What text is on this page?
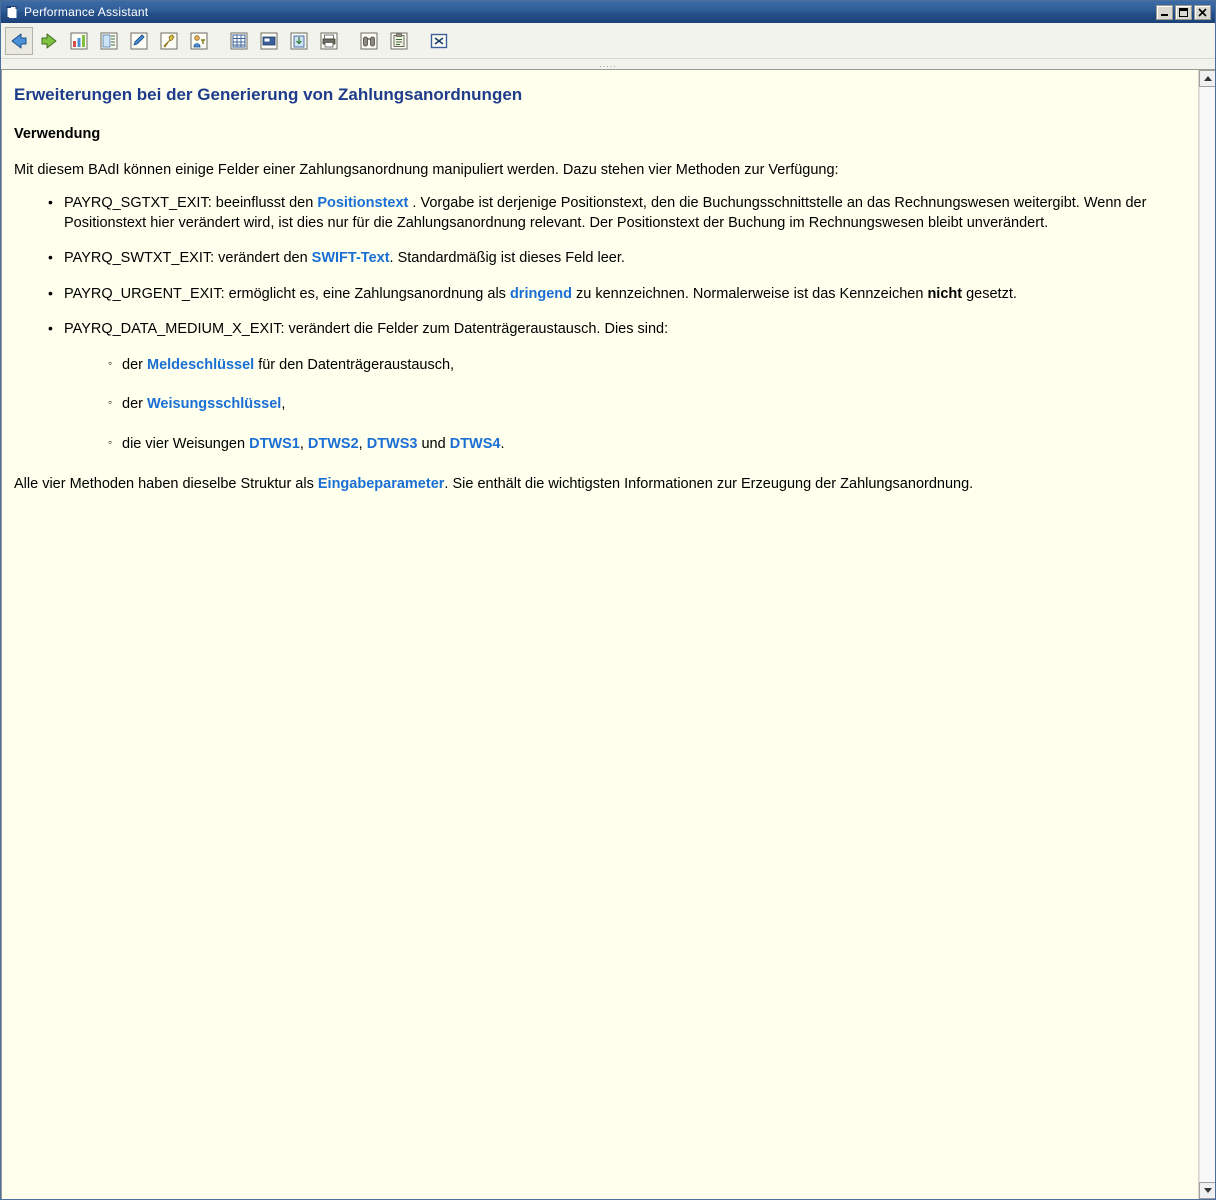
Performance Assistant
.....
Erweiterungen bei der Generierung von Zahlungsanordnungen
Verwendung

Mit diesem BAdI können einige Felder einer Zahlungsanordnung manipuliert werden. Dazu stehen vier Methoden zur Verfügung:

• PAYRQ_SGTXT_EXIT: beeinflusst den Positionstext . Vorgabe ist derjenige Positionstext, den die Buchungsschnittstelle an das Rechnungswesen weitergibt. Wenn der Positionstext hier verändert wird, ist dies nur für die Zahlungsanordnung relevant. Der Positionstext der Buchung im Rechnungswesen bleibt unverändert.
• PAYRQ_SWTXT_EXIT: verändert den SWIFT-Text. Standardmäßig ist dieses Feld leer.
• PAYRQ_URGENT_EXIT: ermöglicht es, eine Zahlungsanordnung als dringend zu kennzeichnen. Normalerweise ist das Kennzeichen nicht gesetzt.
• PAYRQ_DATA_MEDIUM_X_EXIT: verändert die Felder zum Datenträgeraustausch. Dies sind:
◦ der Meldeschlüssel für den Datenträgeraustausch,
◦ der Weisungsschlüssel,
◦ die vier Weisungen DTWS1, DTWS2, DTWS3 und DTWS4.

Alle vier Methoden haben dieselbe Struktur als Eingabeparameter. Sie enthält die wichtigsten Informationen zur Erzeugung der Zahlungsanordnung.
